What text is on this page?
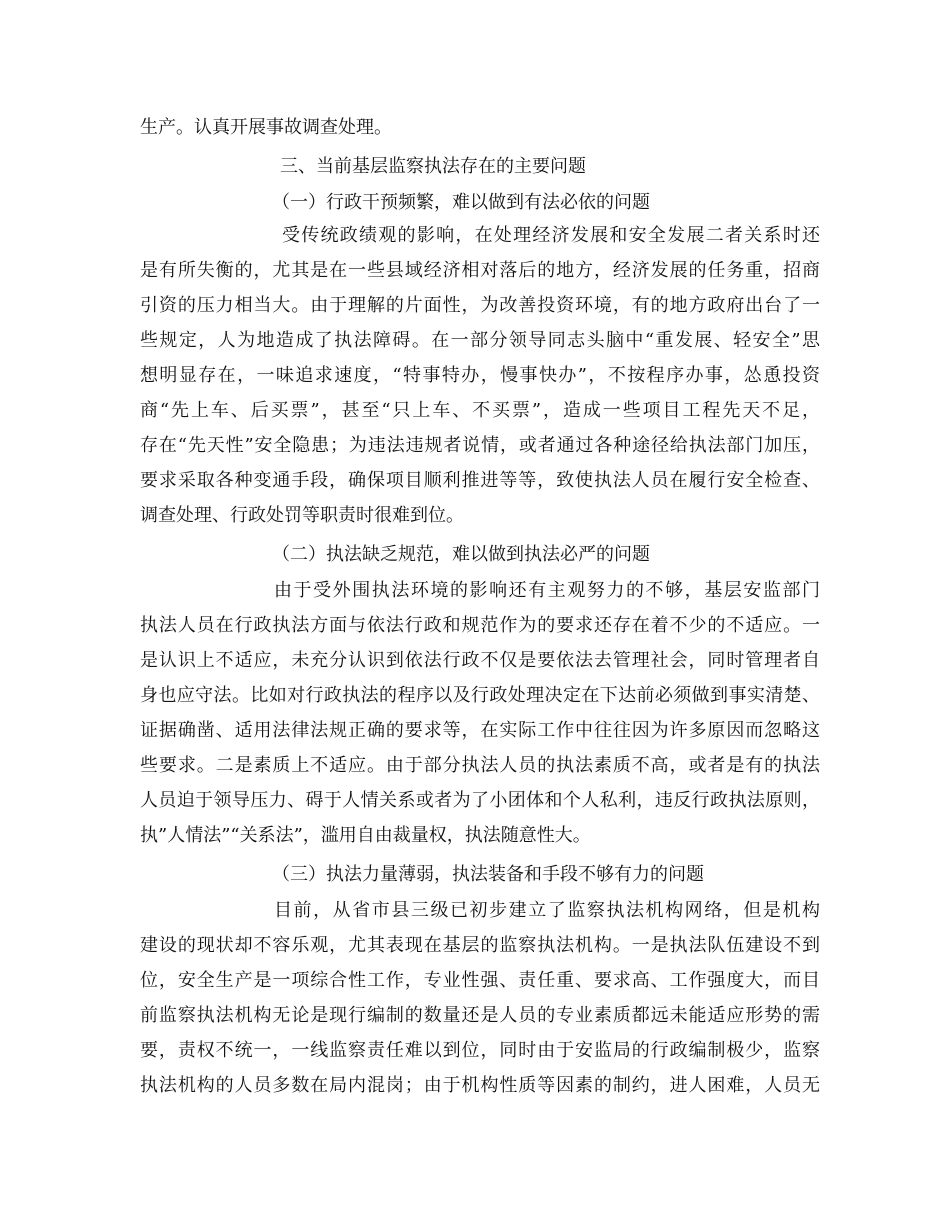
生产。认真开展事故调查处理。
三、当前基层监察执法存在的主要问题
（一）行政干预频繁，难以做到有法必依的问题
受传统政绩观的影响，在处理经济发展和安全发展二者关系时还
是有所失衡的，尤其是在一些县域经济相对落后的地方，经济发展的任务重，招商
引资的压力相当大。由于理解的片面性，为改善投资环境，有的地方政府出台了一
些规定，人为地造成了执法障碍。在一部分领导同志头脑中“重发展、轻安全”思
想明显存在，一味追求速度，“特事特办，慢事快办”，不按程序办事，怂恿投资
商“先上车、后买票”，甚至“只上车、不买票”，造成一些项目工程先天不足，
存在“先天性”安全隐患；为违法违规者说情，或者通过各种途径给执法部门加压，
要求采取各种变通手段，确保项目顺利推进等等，致使执法人员在履行安全检查、
调查处理、行政处罚等职责时很难到位。
（二）执法缺乏规范，难以做到执法必严的问题
由于受外围执法环境的影响还有主观努力的不够，基层安监部门
执法人员在行政执法方面与依法行政和规范作为的要求还存在着不少的不适应。一
是认识上不适应，未充分认识到依法行政不仅是要依法去管理社会，同时管理者自
身也应守法。比如对行政执法的程序以及行政处理决定在下达前必须做到事实清楚、
证据确凿、适用法律法规正确的要求等，在实际工作中往往因为许多原因而忽略这
些要求。二是素质上不适应。由于部分执法人员的执法素质不高，或者是有的执法
人员迫于领导压力、碍于人情关系或者为了小团体和个人私利，违反行政执法原则，
执”人情法”“关系法”，滥用自由裁量权，执法随意性大。
（三）执法力量薄弱，执法装备和手段不够有力的问题
目前，从省市县三级已初步建立了监察执法机构网络，但是机构
建设的现状却不容乐观，尤其表现在基层的监察执法机构。一是执法队伍建设不到
位，安全生产是一项综合性工作，专业性强、责任重、要求高、工作强度大，而目
前监察执法机构无论是现行编制的数量还是人员的专业素质都远未能适应形势的需
要，责权不统一，一线监察责任难以到位，同时由于安监局的行政编制极少，监察
执法机构的人员多数在局内混岗；由于机构性质等因素的制约，进人困难，人员无
